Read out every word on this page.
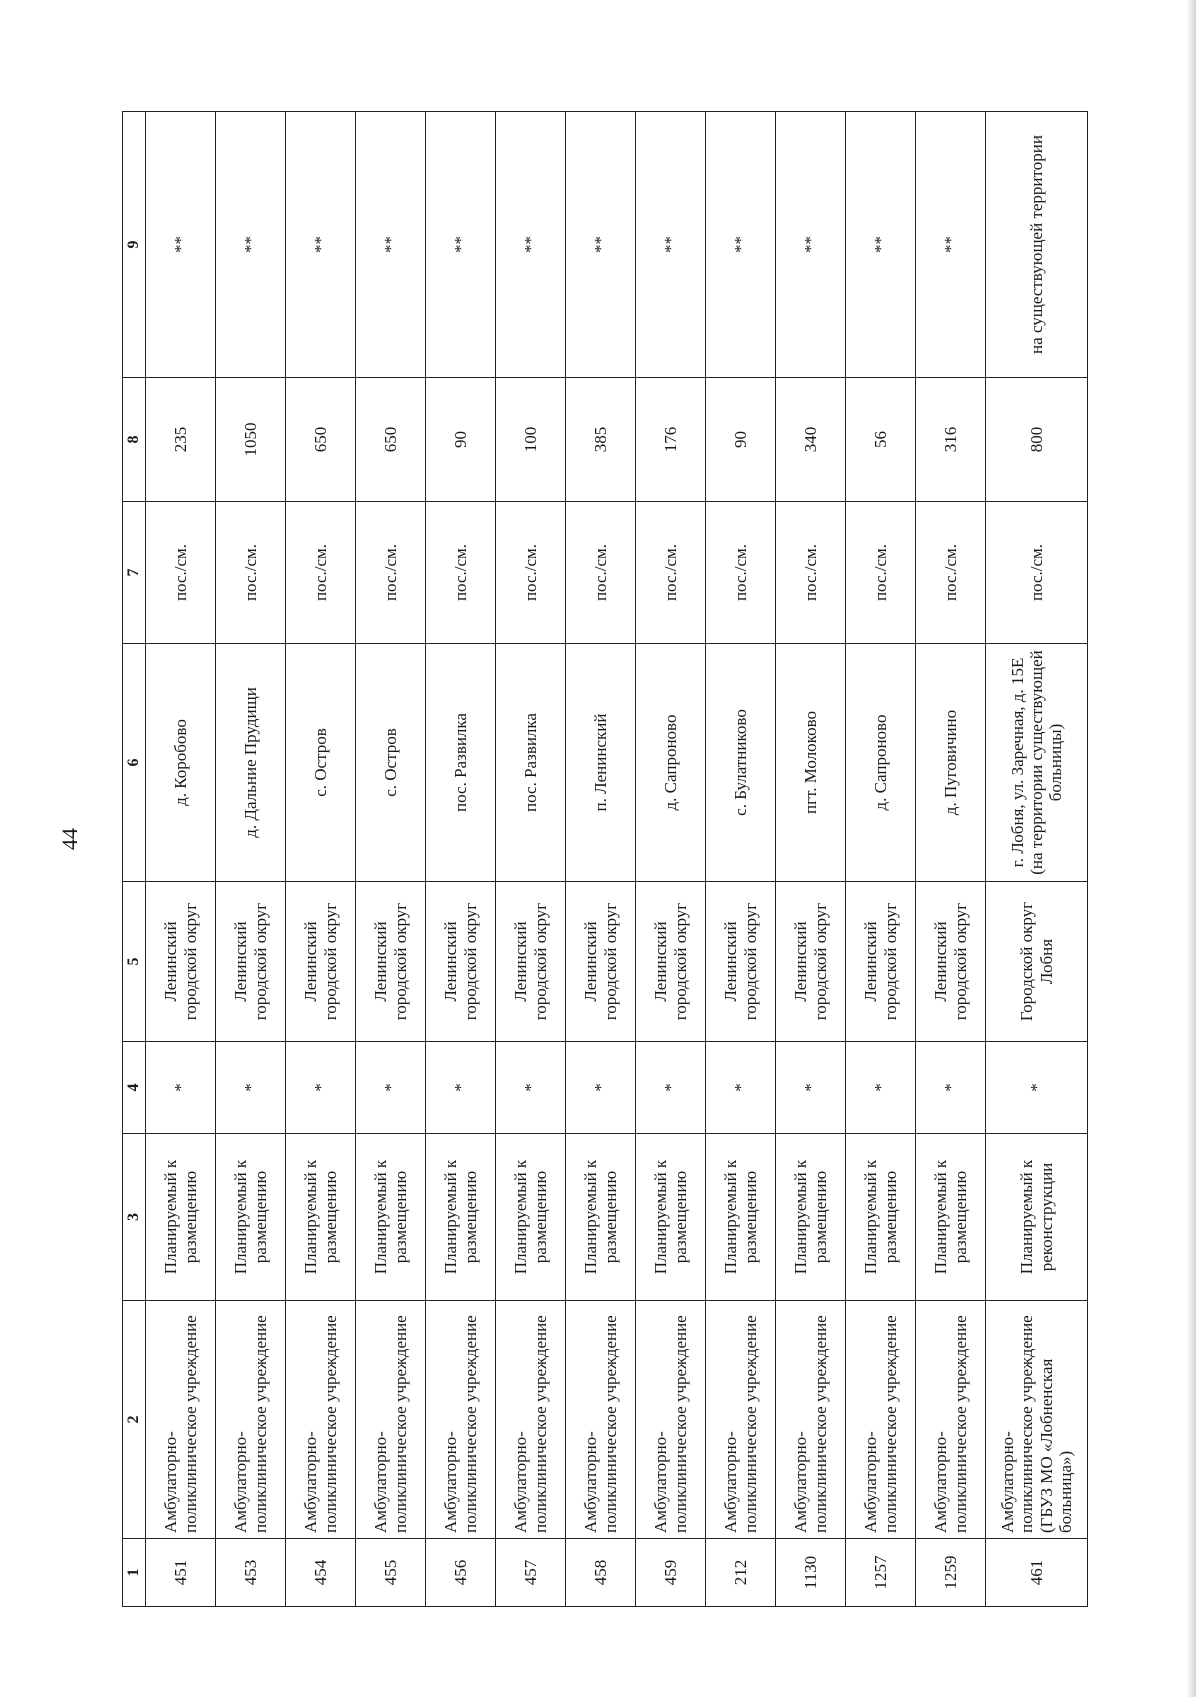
44
1	2	3	4	5	6	7	8	9
451	Амбулаторно-поликлиническое учреждение	Планируемый к размещению	*	Ленинский городской округ	д. Коробово	пос./см.	235	**
453	Амбулаторно-поликлиническое учреждение	Планируемый к размещению	*	Ленинский городской округ	д. Дальние Прудищи	пос./см.	1050	**
454	Амбулаторно-поликлиническое учреждение	Планируемый к размещению	*	Ленинский городской округ	с. Остров	пос./см.	650	**
455	Амбулаторно-поликлиническое учреждение	Планируемый к размещению	*	Ленинский городской округ	с. Остров	пос./см.	650	**
456	Амбулаторно-поликлиническое учреждение	Планируемый к размещению	*	Ленинский городской округ	пос. Развилка	пос./см.	90	**
457	Амбулаторно-поликлиническое учреждение	Планируемый к размещению	*	Ленинский городской округ	пос. Развилка	пос./см.	100	**
458	Амбулаторно-поликлиническое учреждение	Планируемый к размещению	*	Ленинский городской округ	п. Ленинский	пос./см.	385	**
459	Амбулаторно-поликлиническое учреждение	Планируемый к размещению	*	Ленинский городской округ	д. Сапроново	пос./см.	176	**
212	Амбулаторно-поликлиническое учреждение	Планируемый к размещению	*	Ленинский городской округ	с. Булатниково	пос./см.	90	**
1130	Амбулаторно-поликлиническое учреждение	Планируемый к размещению	*	Ленинский городской округ	пгт. Молоково	пос./см.	340	**
1257	Амбулаторно-поликлиническое учреждение	Планируемый к размещению	*	Ленинский городской округ	д. Сапроново	пос./см.	56	**
1259	Амбулаторно-поликлиническое учреждение	Планируемый к размещению	*	Ленинский городской округ	д. Пуговичино	пос./см.	316	**
461	Амбулаторно-поликлиническое учреждение (ГБУЗ МО «Лобненская больница»)	Планируемый к реконструкции	*	Городской округ Лобня	г. Лобня, ул. Заречная, д. 15Е (на территории существующей больницы)	пос./см.	800	на существующей территории
